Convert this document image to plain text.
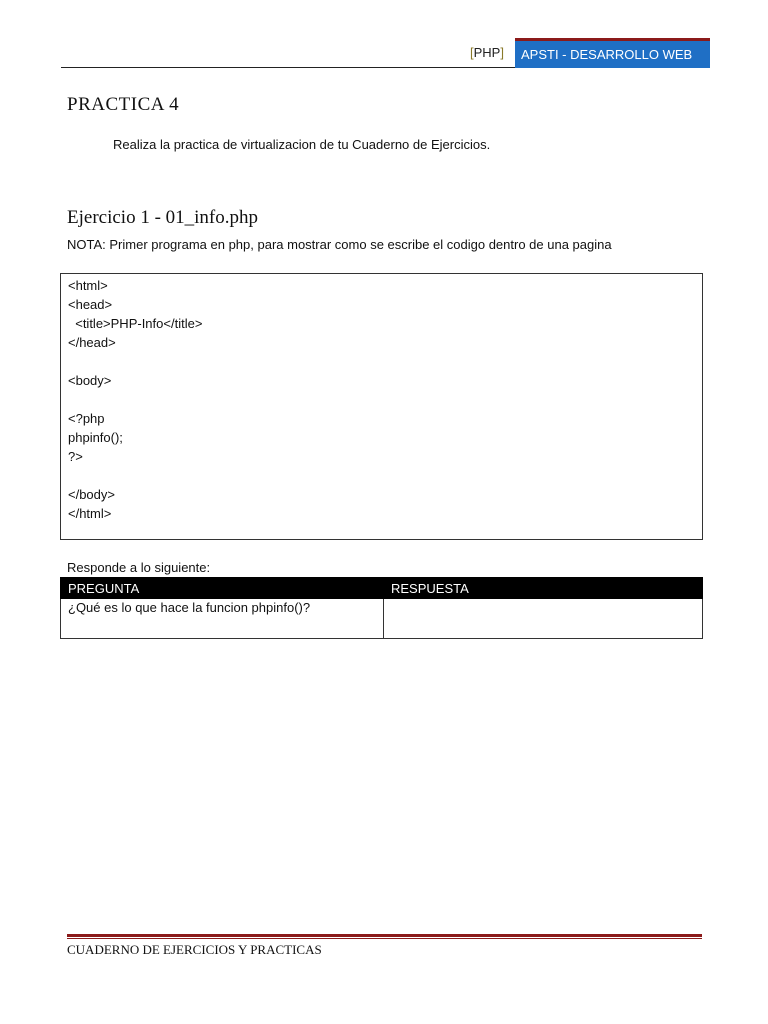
[PHP]	APSTI - DESARROLLO WEB
PRACTICA 4
Realiza la practica de virtualizacion de tu Cuaderno de Ejercicios.
Ejercicio 1 - 01_info.php
NOTA: Primer programa en php, para mostrar como se escribe el codigo dentro de una pagina
<html>
<head>
<title>PHP-Info</title>
</head>
<body>
<?php
phpinfo();
?>
</body>
</html>
Responde a lo siguiente:
PREGUNTA	RESPUESTA
¿Qué es lo que hace la funcion phpinfo()?	
CUADERNO DE EJERCICIOS Y PRACTICAS
